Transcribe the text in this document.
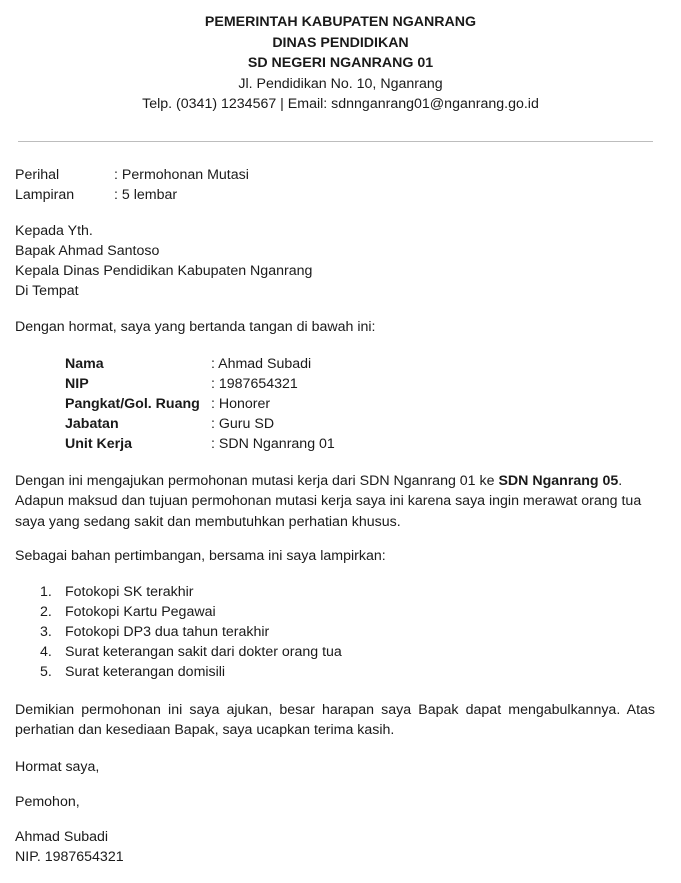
PEMERINTAH KABUPATEN NGANRANG
DINAS PENDIDIKAN
SD NEGERI NGANRANG 01
Jl. Pendidikan No. 10, Nganrang
Telp. (0341) 1234567 | Email: sdnnganrang01@nganrang.go.id
Perihal	: Permohonan Mutasi
Lampiran	: 5 lembar
Kepada Yth.
Bapak Ahmad Santoso
Kepala Dinas Pendidikan Kabupaten Nganrang
Di Tempat
Dengan hormat, saya yang bertanda tangan di bawah ini:
Nama	: Ahmad Subadi
NIP	: 1987654321
Pangkat/Gol. Ruang : Honorer
Jabatan	: Guru SD
Unit Kerja	: SDN Nganrang 01
Dengan ini mengajukan permohonan mutasi kerja dari SDN Nganrang 01 ke SDN Nganrang 05. Adapun maksud dan tujuan permohonan mutasi kerja saya ini karena saya ingin merawat orang tua saya yang sedang sakit dan membutuhkan perhatian khusus.
Sebagai bahan pertimbangan, bersama ini saya lampirkan:
1. Fotokopi SK terakhir
2. Fotokopi Kartu Pegawai
3. Fotokopi DP3 dua tahun terakhir
4. Surat keterangan sakit dari dokter orang tua
5. Surat keterangan domisili
Demikian permohonan ini saya ajukan, besar harapan saya Bapak dapat mengabulkannya. Atas perhatian dan kesediaan Bapak, saya ucapkan terima kasih.
Hormat saya,
Pemohon,
Ahmad Subadi
NIP. 1987654321
